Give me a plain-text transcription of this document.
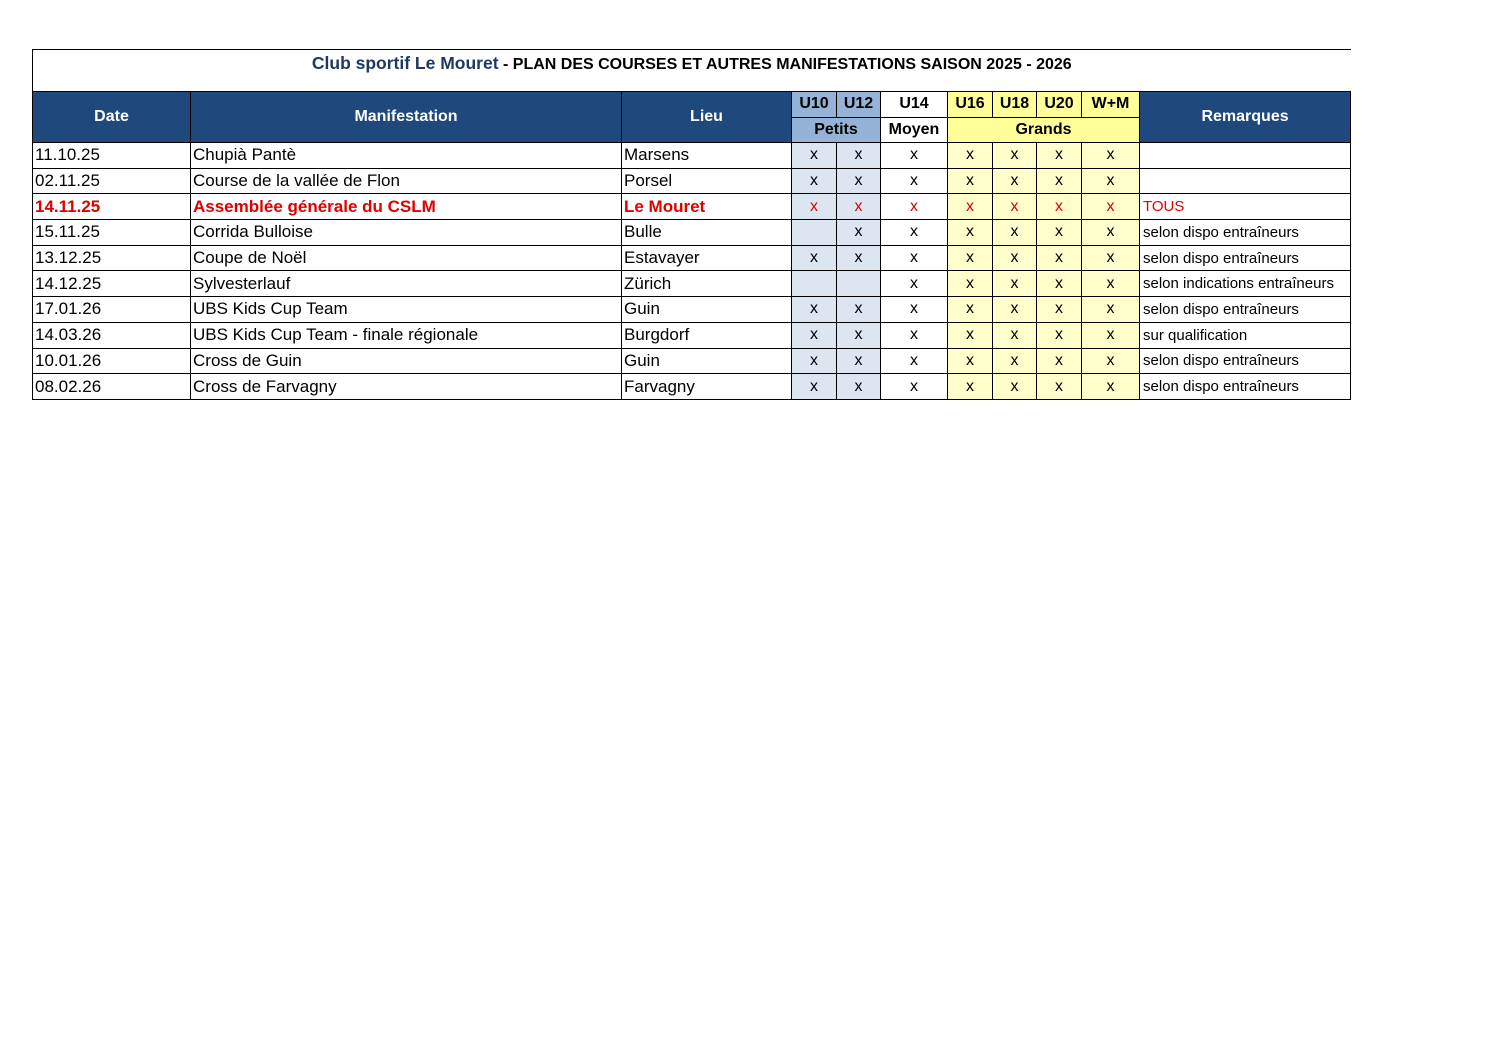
Club sportif Le Mouret - PLAN DES COURSES ET AUTRES MANIFESTATIONS SAISON 2025 - 2026										
Date	Manifestation	Lieu	U10	U12	U14	U16	U18	U20	W+M	Remarques
			Petits		Moyen	Grands				
11.10.25	Chupià Pantè	Marsens	x	x	x	x	x	x	x	
02.11.25	Course de la vallée de Flon	Porsel	x	x	x	x	x	x	x	
14.11.25	Assemblée générale du CSLM	Le Mouret	x	x	x	x	x	x	x	TOUS
15.11.25	Corrida Bulloise	Bulle		x	x	x	x	x	x	selon dispo entraîneurs
13.12.25	Coupe de Noël	Estavayer	x	x	x	x	x	x	x	selon dispo entraîneurs
14.12.25	Sylvesterlauf	Zürich			x	x	x	x	x	selon indications entraîneurs
17.01.26	UBS Kids Cup Team	Guin	x	x	x	x	x	x	x	selon dispo entraîneurs
14.03.26	UBS Kids Cup Team - finale régionale	Burgdorf	x	x	x	x	x	x	x	sur qualification
10.01.26	Cross de Guin	Guin	x	x	x	x	x	x	x	selon dispo entraîneurs
08.02.26	Cross de Farvagny	Farvagny	x	x	x	x	x	x	x	selon dispo entraîneurs
